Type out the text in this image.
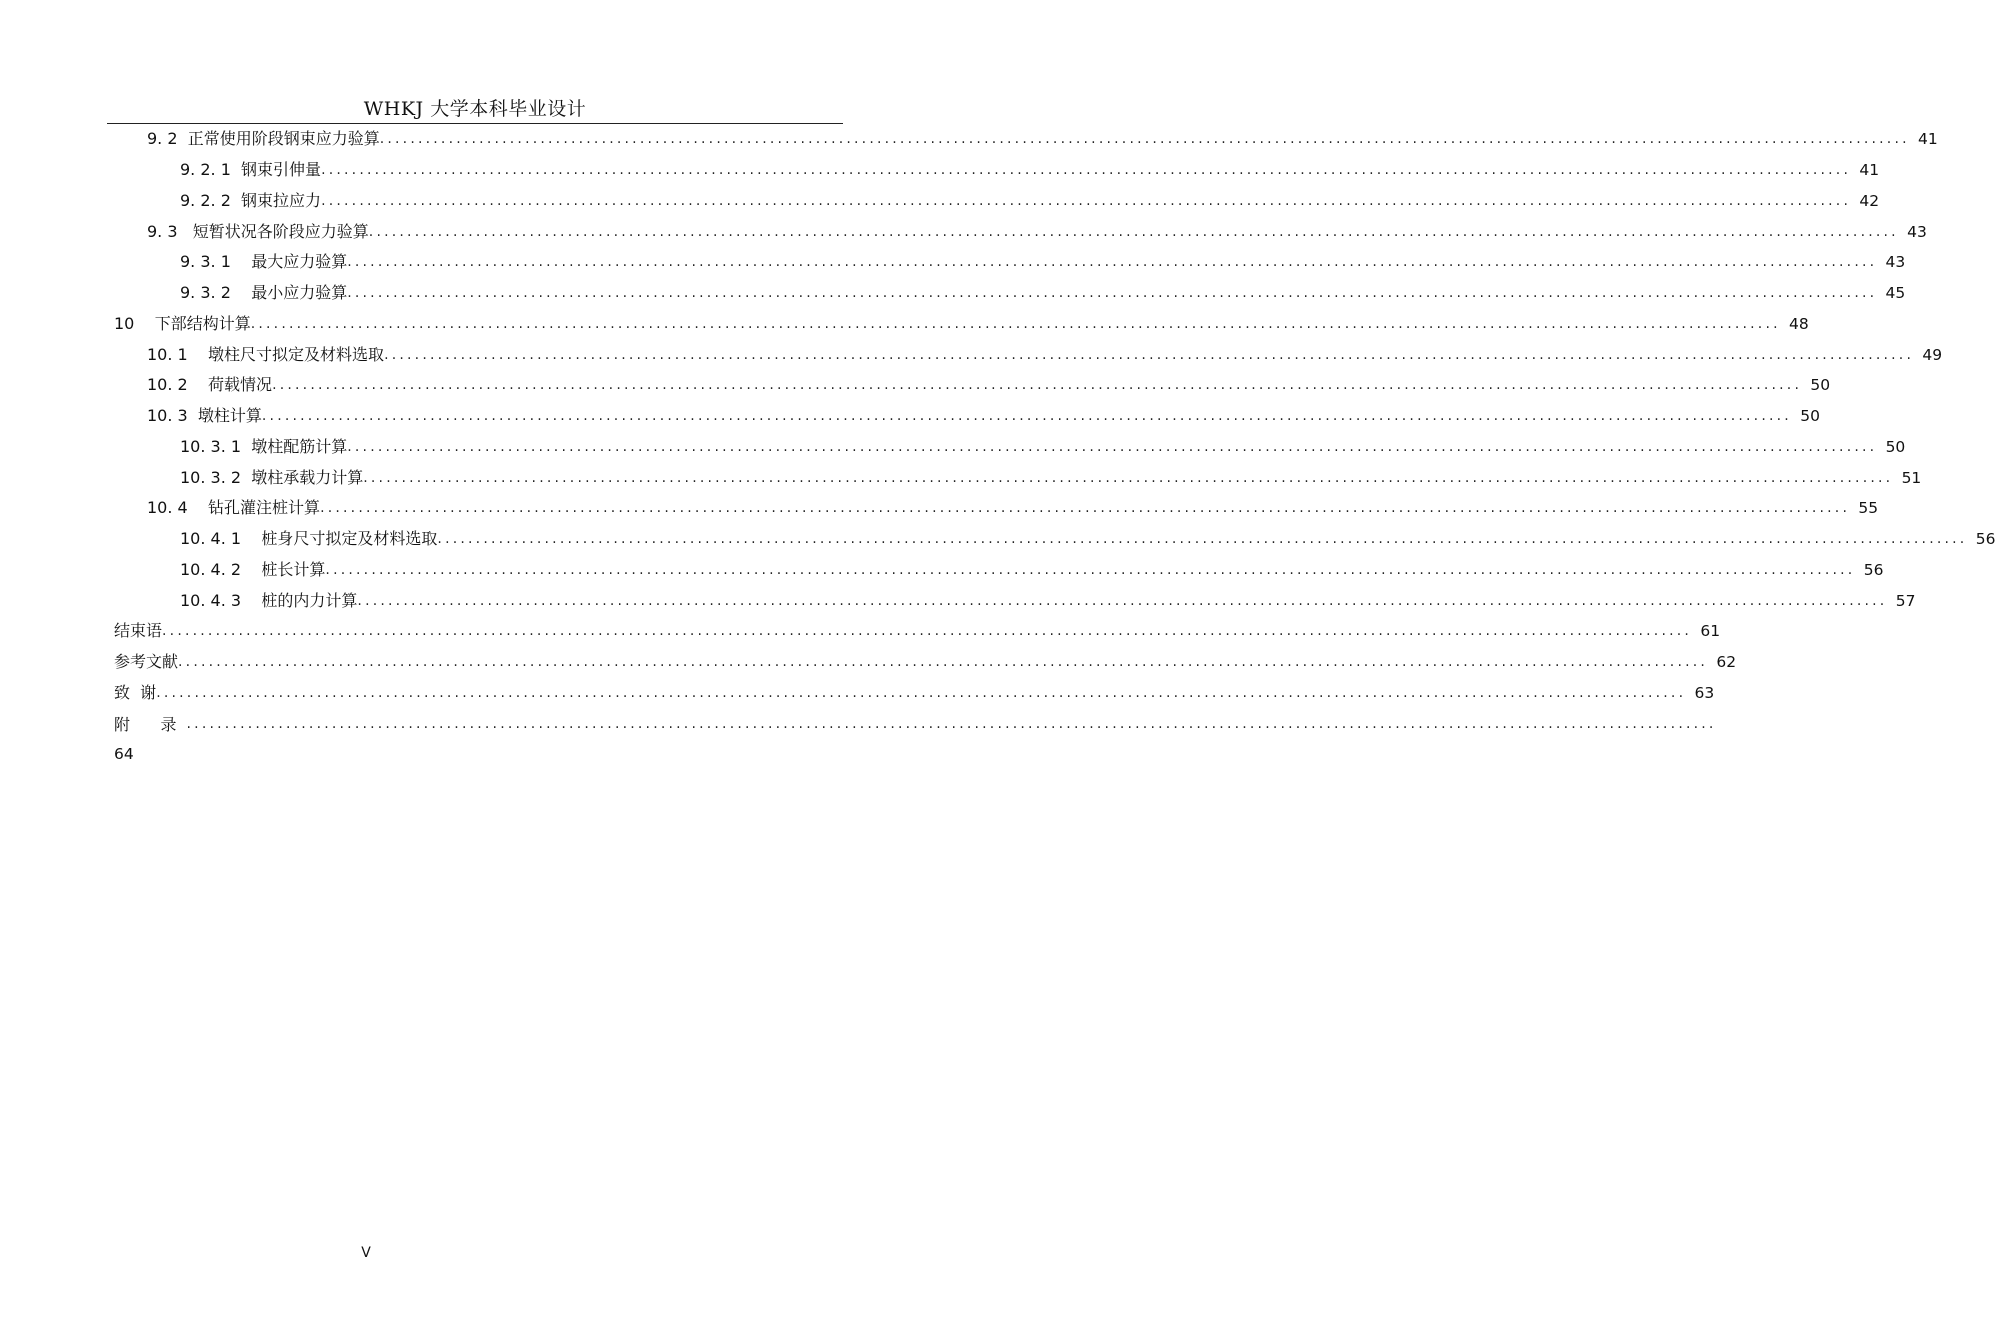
WHKJ 大学本科毕业设计
9. 2  正常使用阶段钢束应力验算 ........................................................................................................................................................................................................ 41
9. 2. 1  钢束引伸量 ........................................................................................................................................................................................................ 41
9. 2. 2  钢束拉应力 ........................................................................................................................................................................................................ 42
9. 3   短暂状况各阶段应力验算 ........................................................................................................................................................................................................ 43
9. 3. 1    最大应力验算 ........................................................................................................................................................................................................ 43
9. 3. 2    最小应力验算 ........................................................................................................................................................................................................ 45
10    下部结构计算 ........................................................................................................................................................................................................ 48
10. 1    墩柱尺寸拟定及材料选取 ........................................................................................................................................................................................................ 49
10. 2    荷载情况 ........................................................................................................................................................................................................ 50
10. 3  墩柱计算 ........................................................................................................................................................................................................ 50
10. 3. 1  墩柱配筋计算 ........................................................................................................................................................................................................ 50
10. 3. 2  墩柱承载力计算 ........................................................................................................................................................................................................ 51
10. 4    钻孔灌注桩计算 ........................................................................................................................................................................................................ 55
10. 4. 1    桩身尺寸拟定及材料选取 ........................................................................................................................................................................................................ 56
10. 4. 2    桩长计算 ........................................................................................................................................................................................................ 56
10. 4. 3    桩的内力计算 ........................................................................................................................................................................................................ 57
结束语 ........................................................................................................................................................................................................ 61
参考文献 ........................................................................................................................................................................................................ 62
致  谢 ........................................................................................................................................................................................................ 63
附      录 ........................................................................................................................................................................................................
64
V
